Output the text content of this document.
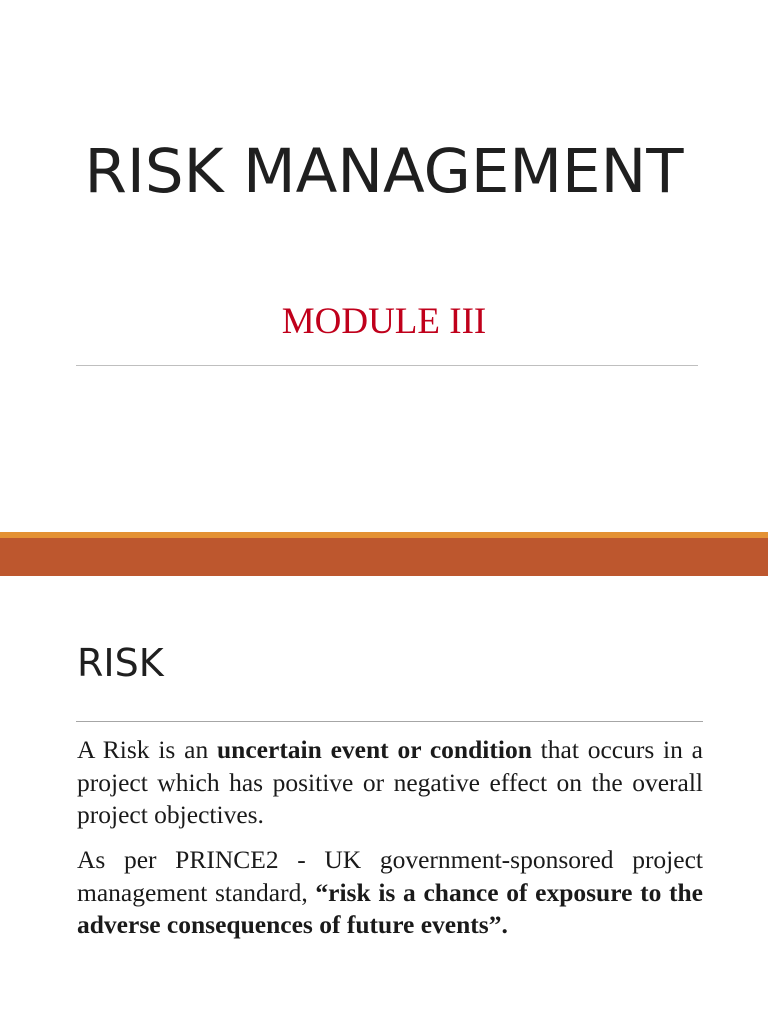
RISK MANAGEMENT
MODULE III
RISK

A Risk is an uncertain event or condition that occurs in a project which has positive or negative effect on the overall project objectives.

As per PRINCE2 - UK government-sponsored project management standard, “risk is a chance of exposure to the adverse consequences of future events”.
